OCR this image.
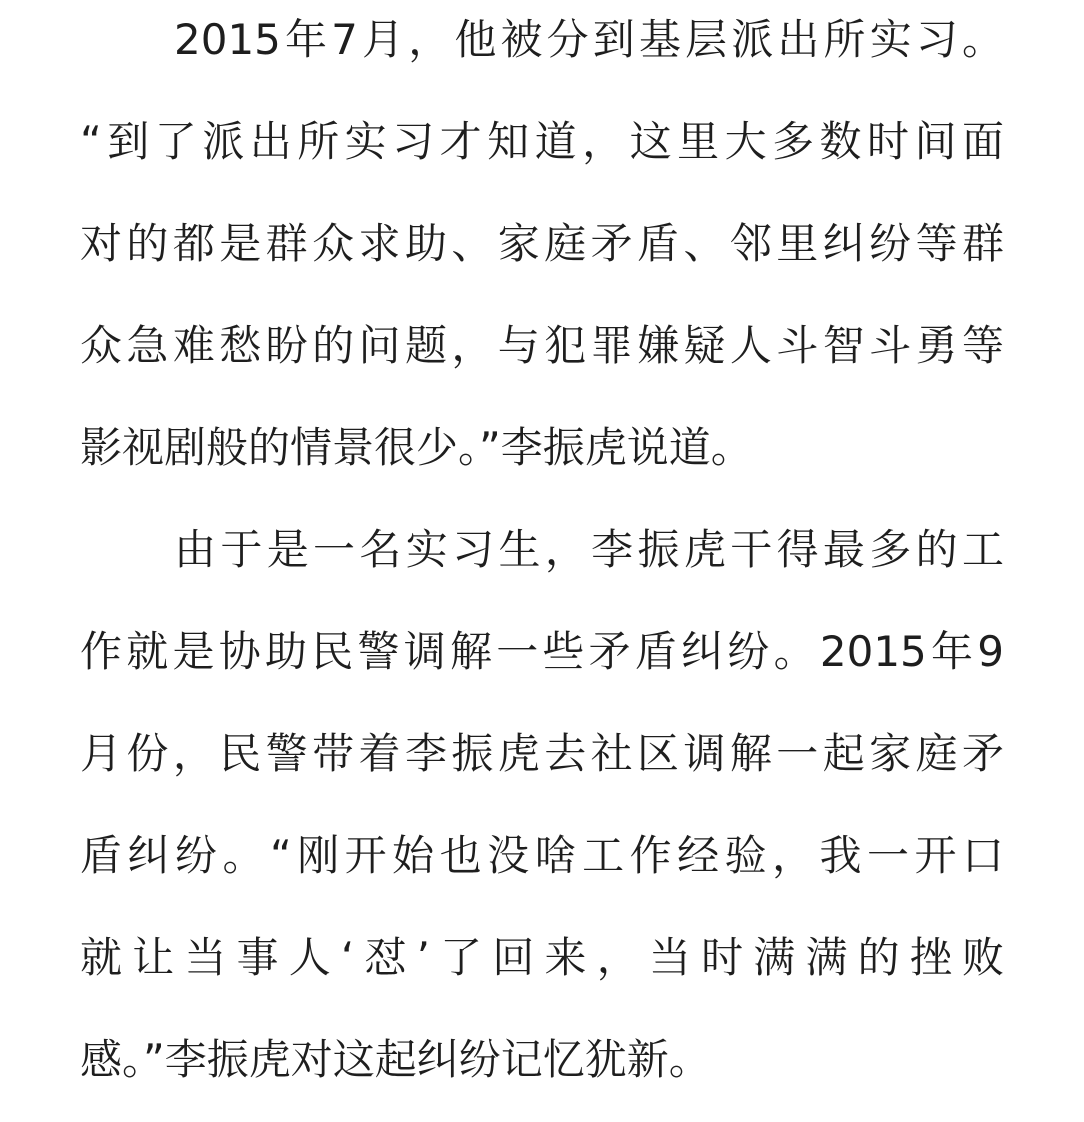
2015年7月，他被分到基层派出所实习。
“到了派出所实习才知道，这里大多数时间面
对的都是群众求助、家庭矛盾、邻里纠纷等群
众急难愁盼的问题，与犯罪嫌疑人斗智斗勇等
影视剧般的情景很少。”李振虎说道。
由于是一名实习生，李振虎干得最多的工
作就是协助民警调解一些矛盾纠纷。2015年9
月份，民警带着李振虎去社区调解一起家庭矛
盾纠纷。“刚开始也没啥工作经验，我一开口
就让当事人‘怼’了回来，当时满满的挫败
感。”李振虎对这起纠纷记忆犹新。
